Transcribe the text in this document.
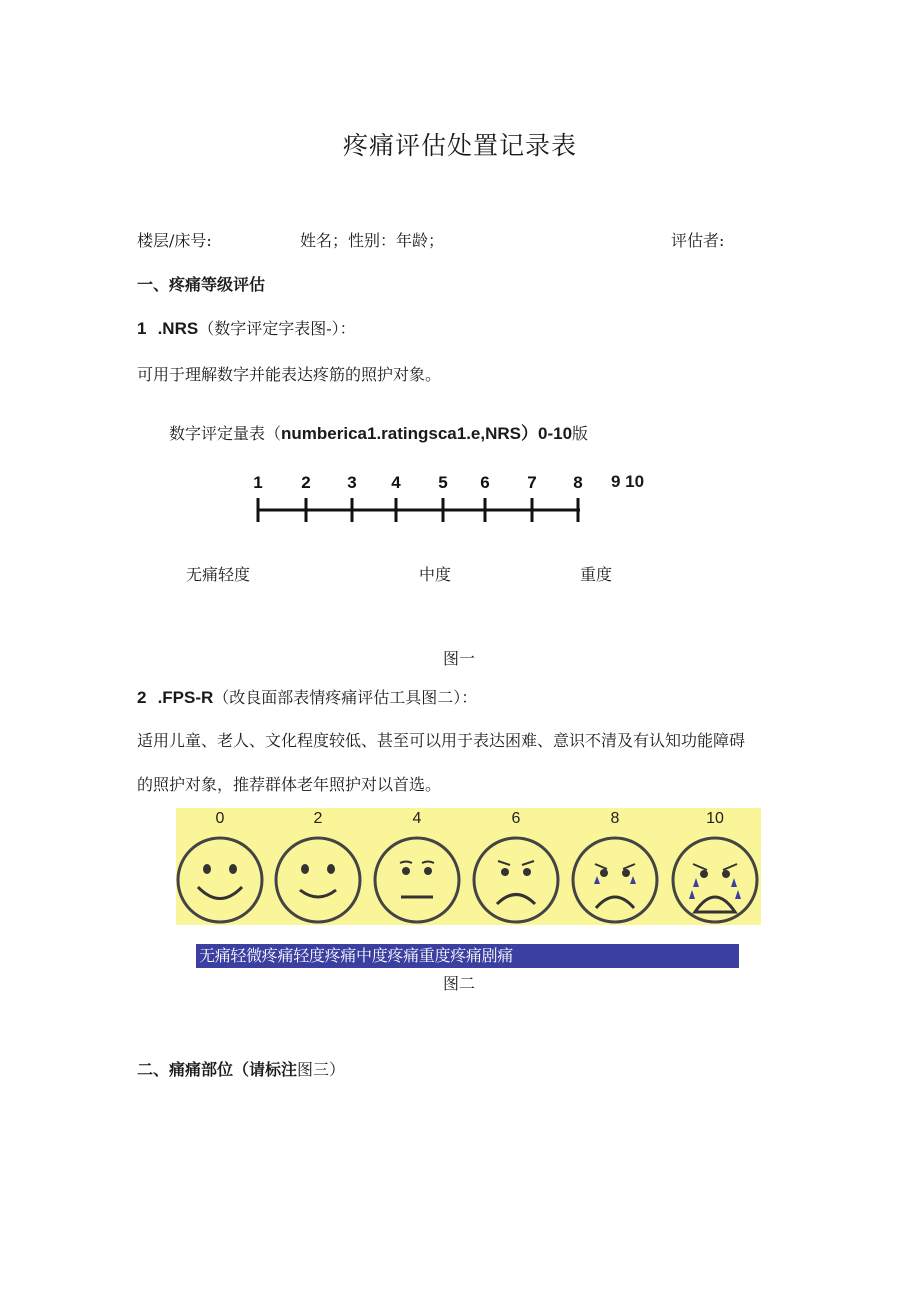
疼痛评估处置记录表
楼层/床号:	姓名；性别：年龄；	评估者:
一、疼痛等级评估
1 .NRS（数字评定字表图-）：
可用于理解数字并能表达疼筋的照护对象。
数字评定量表（numberica1.ratingsca1.e,NRS）0-10版
1 2 3 4 5 6 7 8 9 10
无痛轻度	中度	重度
图一
2 .FPS-R（改良面部表情疼痛评估工具图二）：
适用儿童、老人、文化程度较低、甚至可以用于表达困难、意识不清及有认知功能障碍
的照护对象，推荐群体老年照护对以首选。
0	2	4	6	8	10
无痛轻微疼痛轻度疼痛中度疼痛重度疼痛剧痛
图二
二、痛痛部位（请标注图三）
